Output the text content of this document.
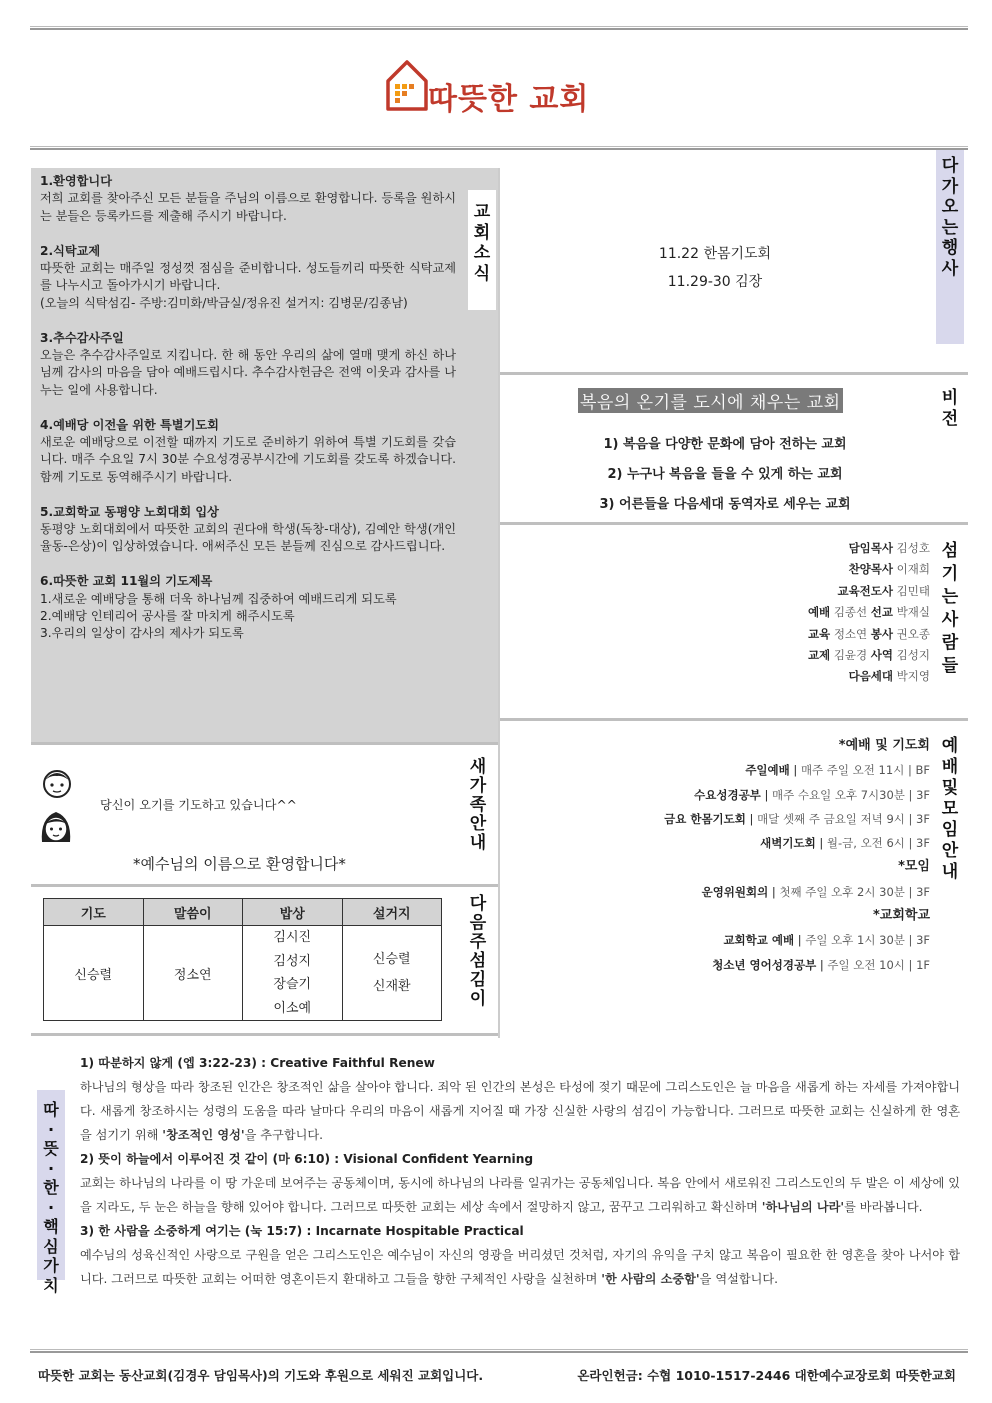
따뜻한 교회
교
회
소
식
1.환영합니다
저희 교회를 찾아주신 모든 분들을 주님의 이름으로 환영합니다. 등록을 원하시는 분들은 등록카드를 제출해 주시기 바랍니다.
2.식탁교제
따뜻한 교회는 매주일 정성껏 점심을 준비합니다. 성도들끼리 따뜻한 식탁교제를 나누시고 돌아가시기 바랍니다.
(오늘의 식탁섬김- 주방:김미화/박금실/정유진 설거지: 김병문/김종남)
3.추수감사주일
오늘은 추수감사주일로 지킵니다. 한 해 동안 우리의 삶에 열매 맺게 하신 하나님께 감사의 마음을 담아 예배드립시다. 추수감사헌금은 전액 이웃과 감사를 나누는 일에 사용합니다.
4.예배당 이전을 위한 특별기도회
새로운 예배당으로 이전할 때까지 기도로 준비하기 위하여 특별 기도회를 갖습니다. 매주 수요일 7시 30분 수요성경공부시간에 기도회를 갖도록 하겠습니다. 함께 기도로 동역해주시기 바랍니다.
5.교회학교 동평양 노회대회 입상
동평양 노회대회에서 따뜻한 교회의 권다애 학생(독창-대상), 김예안 학생(개인율동-은상)이 입상하였습니다. 애써주신 모든 분들께 진심으로 감사드립니다.
6.따뜻한 교회 11월의 기도제목
1.새로운 예배당을 통해 더욱 하나님께 집중하여 예배드리게 되도록
2.예배당 인테리어 공사를 잘 마치게 해주시도록
3.우리의 일상이 감사의 제사가 되도록
다
가
오
는
행
사
11.22 한몸기도회
11.29-30 김장
비
전
복음의 온기를 도시에 채우는 교회
1) 복음을 다양한 문화에 담아 전하는 교회
2) 누구나 복음을 들을 수 있게 하는 교회
3) 어른들을 다음세대 동역자로 세우는 교회
섬
기
는
사
람
들
담임목사 김성호
찬양목사 이재희
교육전도사 김민태
예배 김종선 선교 박재실
교육 정소연 봉사 권오종
교제 김윤경 사역 김성지
다음세대 박지영
예
배
및
모
임
안
내
*예배 및 기도회
주일예배 | 매주 주일 오전 11시 | BF
수요성경공부 | 매주 수요일 오후 7시30분 | 3F
금요 한몸기도회 | 매달 셋째 주 금요일 저녁 9시 | 3F
새벽기도회 | 월-금, 오전 6시 | 3F
*모임
운영위원회의 | 첫째 주일 오후 2시 30분 | 3F
*교회학교
교회학교 예배 | 주일 오후 1시 30분 | 3F
청소년 영어성경공부 | 주일 오전 10시 | 1F
당신이 오기를 기도하고 있습니다^^
*예수님의 이름으로 환영합니다*
새
가
족
안
내
기도	말씀이	밥상	설거지
신승렬	정소연	김시진
김성지
장슬기
이소예	신승렬
신재환
다
음
주
섬
김
이
따
·
뜻
·
한
·
핵
심
가
치
1) 따분하지 않게 (엡 3:22-23) : Creative Faithful Renew
하나님의 형상을 따라 창조된 인간은 창조적인 삶을 살아야 합니다. 죄악 된 인간의 본성은 타성에 젖기 때문에 그리스도인은 늘 마음을 새롭게 하는 자세를 가져야합니다. 새롭게 창조하시는 성령의 도움을 따라 날마다 우리의 마음이 새롭게 지어질 때 가장 신실한 사랑의 섬김이 가능합니다. 그러므로 따뜻한 교회는 신실하게 한 영혼을 섬기기 위해 '창조적인 영성'을 추구합니다.
2) 뜻이 하늘에서 이루어진 것 같이 (마 6:10) : Visional Confident Yearning
교회는 하나님의 나라를 이 땅 가운데 보여주는 공동체이며, 동시에 하나님의 나라를 일궈가는 공동체입니다. 복음 안에서 새로워진 그리스도인의 두 발은 이 세상에 있을 지라도, 두 눈은 하늘을 향해 있어야 합니다. 그러므로 따뜻한 교회는 세상 속에서 절망하지 않고, 꿈꾸고 그리워하고 확신하며 '하나님의 나라'를 바라봅니다.
3) 한 사람을 소중하게 여기는 (눅 15:7) : Incarnate Hospitable Practical
예수님의 성육신적인 사랑으로 구원을 얻은 그리스도인은 예수님이 자신의 영광을 버리셨던 것처럼, 자기의 유익을 구치 않고 복음이 필요한 한 영혼을 찾아 나서야 합니다. 그러므로 따뜻한 교회는 어떠한 영혼이든지 환대하고 그들을 향한 구체적인 사랑을 실천하며 '한 사람의 소중함'을 역설합니다.
따뜻한 교회는 동산교회(김경우 담임목사)의 기도와 후원으로 세워진 교회입니다.	온라인헌금: 수협 1010-1517-2446 대한예수교장로회 따뜻한교회
